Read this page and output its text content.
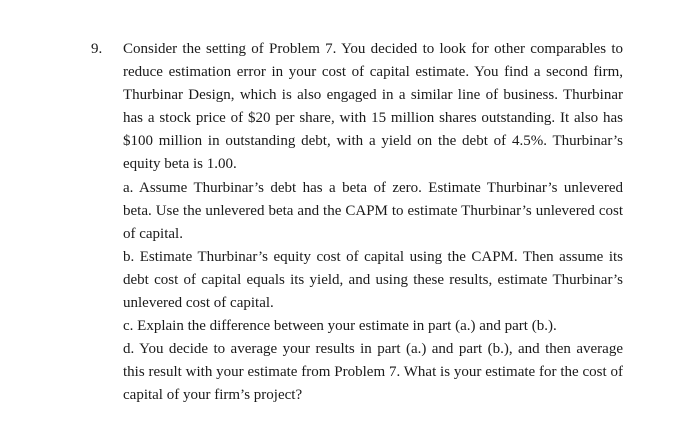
9. Consider the setting of Problem 7. You decided to look for other comparables to reduce estimation error in your cost of capital estimate. You find a second firm, Thurbinar Design, which is also engaged in a similar line of business. Thurbinar has a stock price of $20 per share, with 15 million shares outstanding. It also has $100 million in outstanding debt, with a yield on the debt of 4.5%. Thurbinar’s equity beta is 1.00.

a. Assume Thurbinar’s debt has a beta of zero. Estimate Thurbinar’s unlevered beta. Use the unlevered beta and the CAPM to estimate Thurbinar’s unlevered cost of capital.

b. Estimate Thurbinar’s equity cost of capital using the CAPM. Then assume its debt cost of capital equals its yield, and using these results, estimate Thurbinar’s unlevered cost of capital.

c. Explain the difference between your estimate in part (a.) and part (b.).

d. You decide to average your results in part (a.) and part (b.), and then average this result with your estimate from Problem 7. What is your estimate for the cost of capital of your firm’s project?
